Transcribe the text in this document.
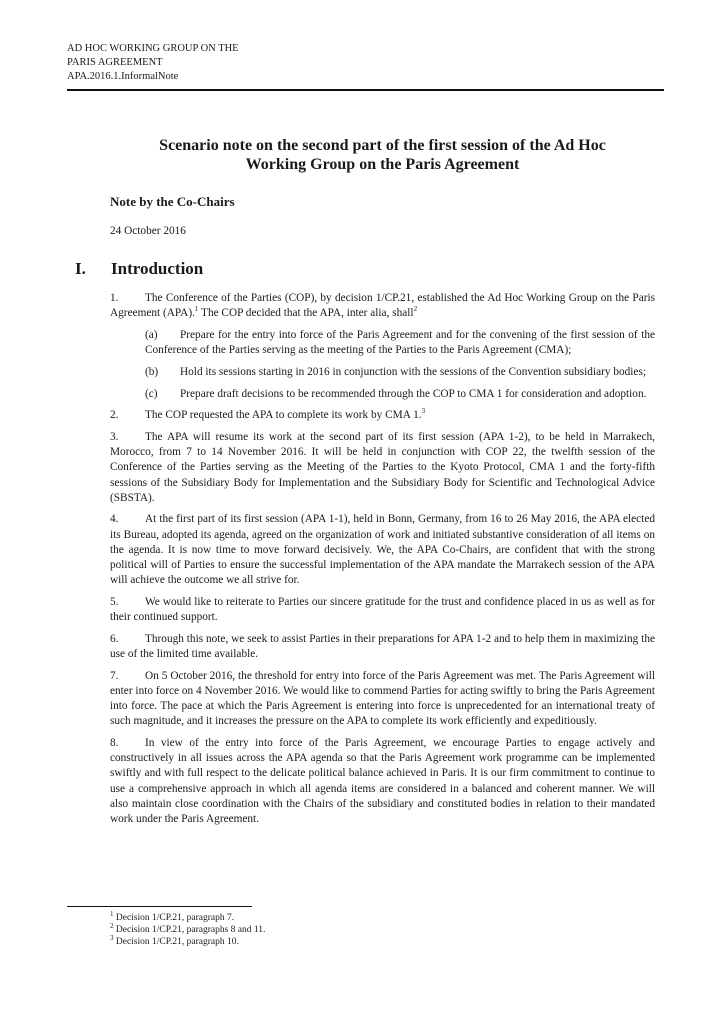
AD HOC WORKING GROUP ON THE
PARIS AGREEMENT
APA.2016.1.InformalNote
Scenario note on the second part of the first session of the Ad Hoc
Working Group on the Paris Agreement
Note by the Co-Chairs
24 October 2016
I. Introduction

1. The Conference of the Parties (COP), by decision 1/CP.21, established the Ad Hoc Working Group on the Paris Agreement (APA).$^1$ The COP decided that the APA, inter alia, shall$^2$

(a) Prepare for the entry into force of the Paris Agreement and for the convening of the first session of the Conference of the Parties serving as the meeting of the Parties to the Paris Agreement (CMA);

(b) Hold its sessions starting in 2016 in conjunction with the sessions of the Convention subsidiary bodies;

(c) Prepare draft decisions to be recommended through the COP to CMA 1 for consideration and adoption.

2. The COP requested the APA to complete its work by CMA 1.$^3$

3. The APA will resume its work at the second part of its first session (APA 1-2), to be held in Marrakech, Morocco, from 7 to 14 November 2016. It will be held in conjunction with COP 22, the twelfth session of the Conference of the Parties serving as the Meeting of the Parties to the Kyoto Protocol, CMA 1 and the forty-fifth sessions of the Subsidiary Body for Implementation and the Subsidiary Body for Scientific and Technological Advice (SBSTA).

4. At the first part of its first session (APA 1-1), held in Bonn, Germany, from 16 to 26 May 2016, the APA elected its Bureau, adopted its agenda, agreed on the organization of work and initiated substantive consideration of all items on the agenda. It is now time to move forward decisively. We, the APA Co-Chairs, are confident that with the strong political will of Parties to ensure the successful implementation of the APA mandate the Marrakech session of the APA will achieve the outcome we all strive for.

5. We would like to reiterate to Parties our sincere gratitude for the trust and confidence placed in us as well as for their continued support.

6. Through this note, we seek to assist Parties in their preparations for APA 1-2 and to help them in maximizing the use of the limited time available.

7. On 5 October 2016, the threshold for entry into force of the Paris Agreement was met. The Paris Agreement will enter into force on 4 November 2016. We would like to commend Parties for acting swiftly to bring the Paris Agreement into force. The pace at which the Paris Agreement is entering into force is unprecedented for an international treaty of such magnitude, and it increases the pressure on the APA to complete its work efficiently and expeditiously.

8. In view of the entry into force of the Paris Agreement, we encourage Parties to engage actively and constructively in all issues across the APA agenda so that the Paris Agreement work programme can be implemented swiftly and with full respect to the delicate political balance achieved in Paris. It is our firm commitment to continue to use a comprehensive approach in which all agenda items are considered in a balanced and coherent manner. We will also maintain close coordination with the Chairs of the subsidiary and constituted bodies in relation to their mandated work under the Paris Agreement.

$^1$ Decision 1/CP.21, paragraph 7.
$^2$ Decision 1/CP.21, paragraphs 8 and 11.
$^3$ Decision 1/CP.21, paragraph 10.
